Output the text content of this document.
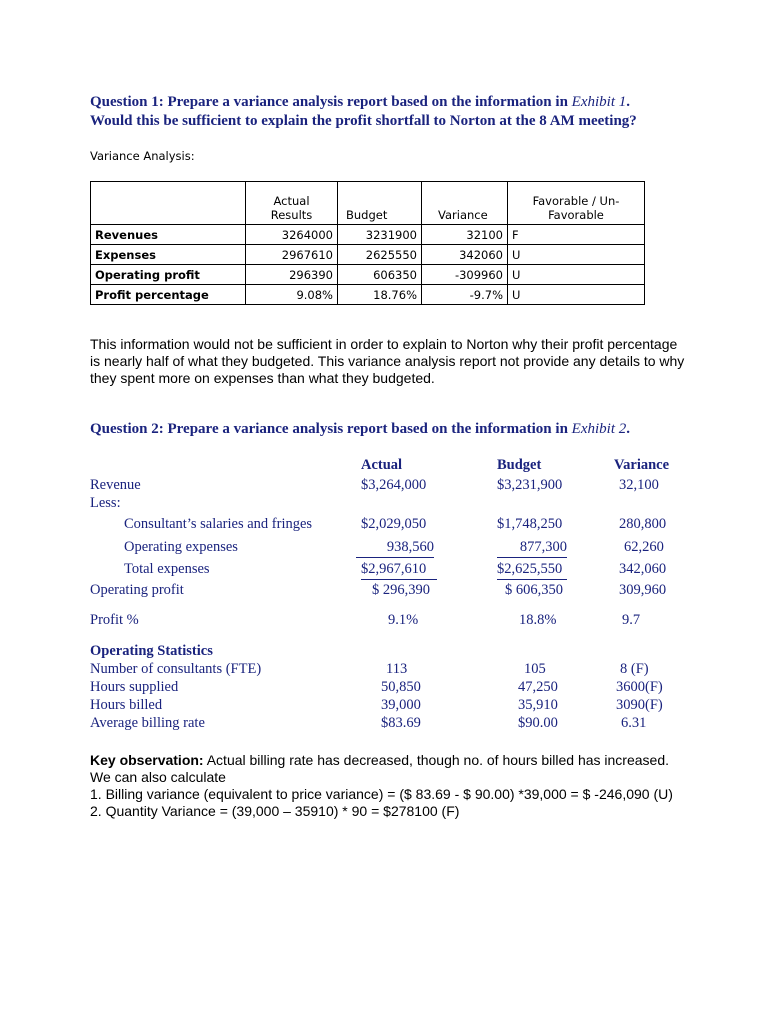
Question 1: Prepare a variance analysis report based on the information in Exhibit 1.
Would this be sufficient to explain the profit shortfall to Norton at the 8 AM meeting?
Variance Analysis:
	Actual
Results	Budget	Variance	Favorable / Un-
Favorable
Revenues	3264000	3231900	32100	F
Expenses	2967610	2625550	342060	U
Operating profit	296390	606350	-309960	U
Profit percentage	9.08%	18.76%	-9.7%	U
This information would not be sufficient in order to explain to Norton why their profit percentage
is nearly half of what they budgeted. This variance analysis report not provide any details to why
they spent more on expenses than what they budgeted.
Question 2: Prepare a variance analysis report based on the information in Exhibit 2.
Actual	Budget	Variance
Revenue	$3,264,000	$3,231,900	32,100
Less:
Consultant’s salaries and fringes	$2,029,050	$1,748,250	280,800
Operating expenses	938,560	877,300	62,260
Total expenses	$2,967,610	$2,625,550	342,060
Operating profit	$ 296,390	$ 606,350	309,960
Profit %	9.1%	18.8%	9.7
Operating Statistics
Number of consultants (FTE)	113	105	8 (F)
Hours supplied	50,850	47,250	3600(F)
Hours billed	39,000	35,910	3090(F)
Average billing rate	$83.69	$90.00	6.31
Key observation: Actual billing rate has decreased, though no. of hours billed has increased.
We can also calculate
1. Billing variance (equivalent to price variance) = ($ 83.69 - $ 90.00) *39,000 = $ -246,090 (U)
2. Quantity Variance = (39,000 – 35910) * 90 = $278100 (F)
